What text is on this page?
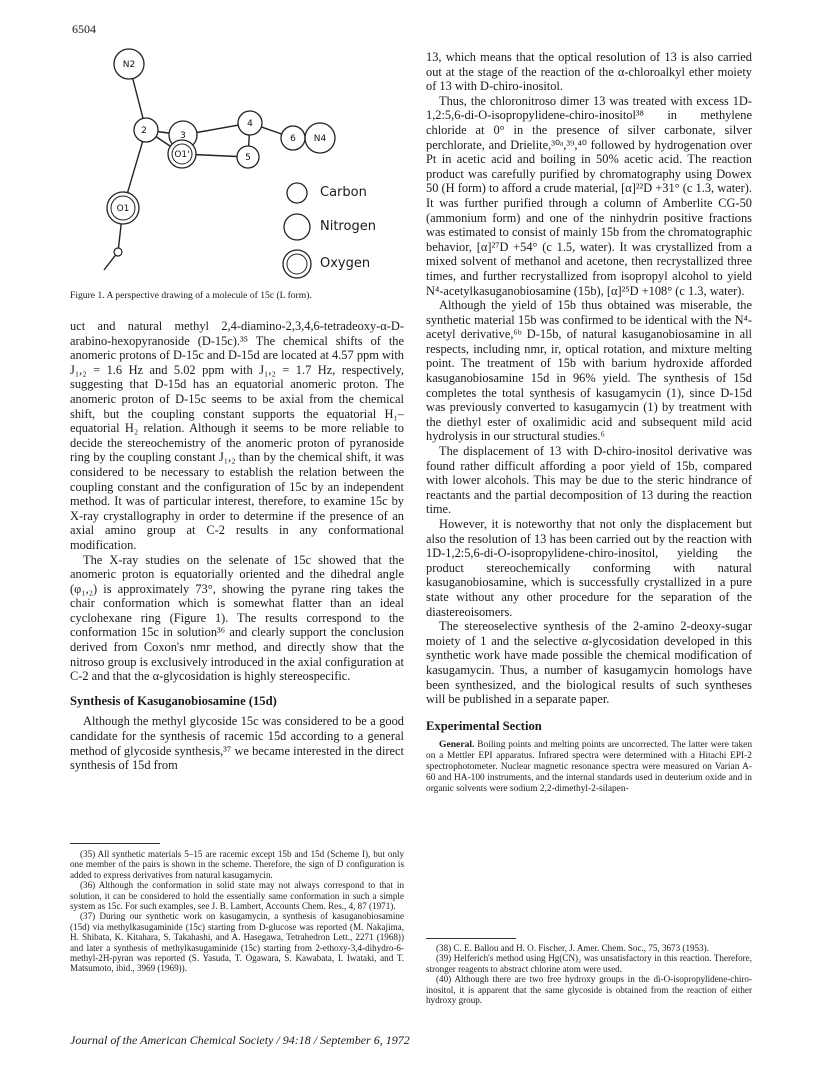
6504
N2
2	3
4
6 N4
O1'	5
O1
Carbon
Nitrogen
Oxygen
Figure 1. A perspective drawing of a molecule of 15c (L form).

uct and natural methyl 2,4-diamino-2,3,4,6-tetradeoxy-α-D-arabino-hexopyranoside (D-15c).³⁵ The chemical shifts of the anomeric protons of D-15c and D-15d are located at 4.57 ppm with J₁,₂ = 1.6 Hz and 5.02 ppm with J₁,₂ = 1.7 Hz, respectively, suggesting that D-15d has an equatorial anomeric proton. The anomeric proton of D-15c seems to be axial from the chemical shift, but the coupling constant supports the equatorial H₁–equatorial H₂ relation. Although it seems to be more reliable to decide the stereochemistry of the anomeric proton of pyranoside ring by the coupling constant J₁,₂ than by the chemical shift, it was considered to be necessary to establish the relation between the coupling constant and the configuration of 15c by an independent method. It was of particular interest, therefore, to examine 15c by X-ray crystallography in order to determine if the presence of an axial amino group at C-2 results in any conformational modification.

The X-ray studies on the selenate of 15c showed that the anomeric proton is equatorially oriented and the dihedral angle (φ₁,₂) is approximately 73°, showing the pyrane ring takes the chair conformation which is somewhat flatter than an ideal cyclohexane ring (Figure 1). The results correspond to the conformation 15c in solution³⁶ and clearly support the conclusion derived from Coxon's nmr method, and directly show that the nitroso group is exclusively introduced in the axial configuration at C-2 and that the α-glycosidation is highly stereospecific.

Synthesis of Kasuganobiosamine (15d)

Although the methyl glycoside 15c was considered to be a good candidate for the synthesis of racemic 15d according to a general method of glycoside synthesis,³⁷ we became interested in the direct synthesis of 15d from

(35) All synthetic materials 5–15 are racemic except 15b and 15d (Scheme I), but only one member of the pairs is shown in the scheme. Therefore, the sign of D configuration is added to express derivatives from natural kasugamycin.

(36) Although the conformation in solid state may not always correspond to that in solution, it can be considered to hold the essentially same conformation in such a simple system as 15c. For such examples, see J. B. Lambert, Accounts Chem. Res., 4, 87 (1971).

(37) During our synthetic work on kasugamycin, a synthesis of kasuganobiosamine (15d) via methylkasugaminide (15c) starting from D-glucose was reported (M. Nakajima, H. Shibata, K. Kitahara, S. Takahashi, and A. Hasegawa, Tetrahedron Lett., 2271 (1968)) and later a synthesis of methylkasugaminide (15c) starting from 2-ethoxy-3,4-dihydro-6-methyl-2H-pyran was reported (S. Yasuda, T. Ogawara, S. Kawabata, I. Iwataki, and T. Matsumoto, ibid., 3969 (1969)).

13, which means that the optical resolution of 13 is also carried out at the stage of the reaction of the α-chloroalkyl ether moiety of 13 with D-chiro-inositol.

Thus, the chloronitroso dimer 13 was treated with excess 1D-1,2:5,6-di-O-isopropylidene-chiro-inositol³⁸ in methylene chloride at 0° in the presence of silver carbonate, silver perchlorate, and Drielite,³⁰ᵃ,³⁹,⁴⁰ followed by hydrogenation over Pt in acetic acid and boiling in 50% acetic acid. The reaction product was carefully purified by chromatography using Dowex 50 (H form) to afford a crude material, [α]²²D +31° (c 1.3, water). It was further purified through a column of Amberlite CG-50 (ammonium form) and one of the ninhydrin positive fractions was estimated to consist of mainly 15b from the chromatographic behavior, [α]²⁷D +54° (c 1.5, water). It was crystallized from a mixed solvent of methanol and acetone, then recrystallized three times, and further recrystallized from isopropyl alcohol to yield N⁴-acetylkasuganobiosamine (15b), [α]²⁵D +108° (c 1.3, water).

Although the yield of 15b thus obtained was miserable, the synthetic material 15b was confirmed to be identical with the N⁴-acetyl derivative,⁶ᵇ D-15b, of natural kasuganobiosamine in all respects, including nmr, ir, optical rotation, and mixture melting point. The treatment of 15b with barium hydroxide afforded kasuganobiosamine 15d in 96% yield. The synthesis of 15d completes the total synthesis of kasugamycin (1), since D-15d was previously converted to kasugamycin (1) by treatment with the diethyl ester of oxalimidic acid and subsequent mild acid hydrolysis in our structural studies.⁶

The displacement of 13 with D-chiro-inositol derivative was found rather difficult affording a poor yield of 15b, compared with lower alcohols. This may be due to the steric hindrance of reactants and the partial decomposition of 13 during the reaction time.

However, it is noteworthy that not only the displacement but also the resolution of 13 has been carried out by the reaction with 1D-1,2:5,6-di-O-isopropylidene-chiro-inositol, yielding the product stereochemically conforming with natural kasuganobiosamine, which is successfully crystallized in a pure state without any other procedure for the separation of the diastereoisomers.

The stereoselective synthesis of the 2-amino 2-deoxy-sugar moiety of 1 and the selective α-glycosidation developed in this synthetic work have made possible the chemical modification of kasugamycin. Thus, a number of kasugamycin homologs have been synthesized, and the biological results of such syntheses will be published in a separate paper.

Experimental Section

General. Boiling points and melting points are uncorrected. The latter were taken on a Mettler EPI apparatus. Infrared spectra were determined with a Hitachi EPI-2 spectrophotometer. Nuclear magnetic resonance spectra were measured on Varian A-60 and HA-100 instruments, and the internal standards used in deuterium oxide and in organic solvents were sodium 2,2-dimethyl-2-silapen-

(38) C. E. Ballou and H. O. Fischer, J. Amer. Chem. Soc., 75, 3673 (1953).

(39) Helferich's method using Hg(CN)₂ was unsatisfactory in this reaction. Therefore, stronger reagents to abstract chlorine atom were used.

(40) Although there are two free hydroxy groups in the di-O-isopropylidene-chiro-inositol, it is apparent that the same glycoside is obtained from the reaction of either hydroxy group.

Journal of the American Chemical Society / 94:18 / September 6, 1972
